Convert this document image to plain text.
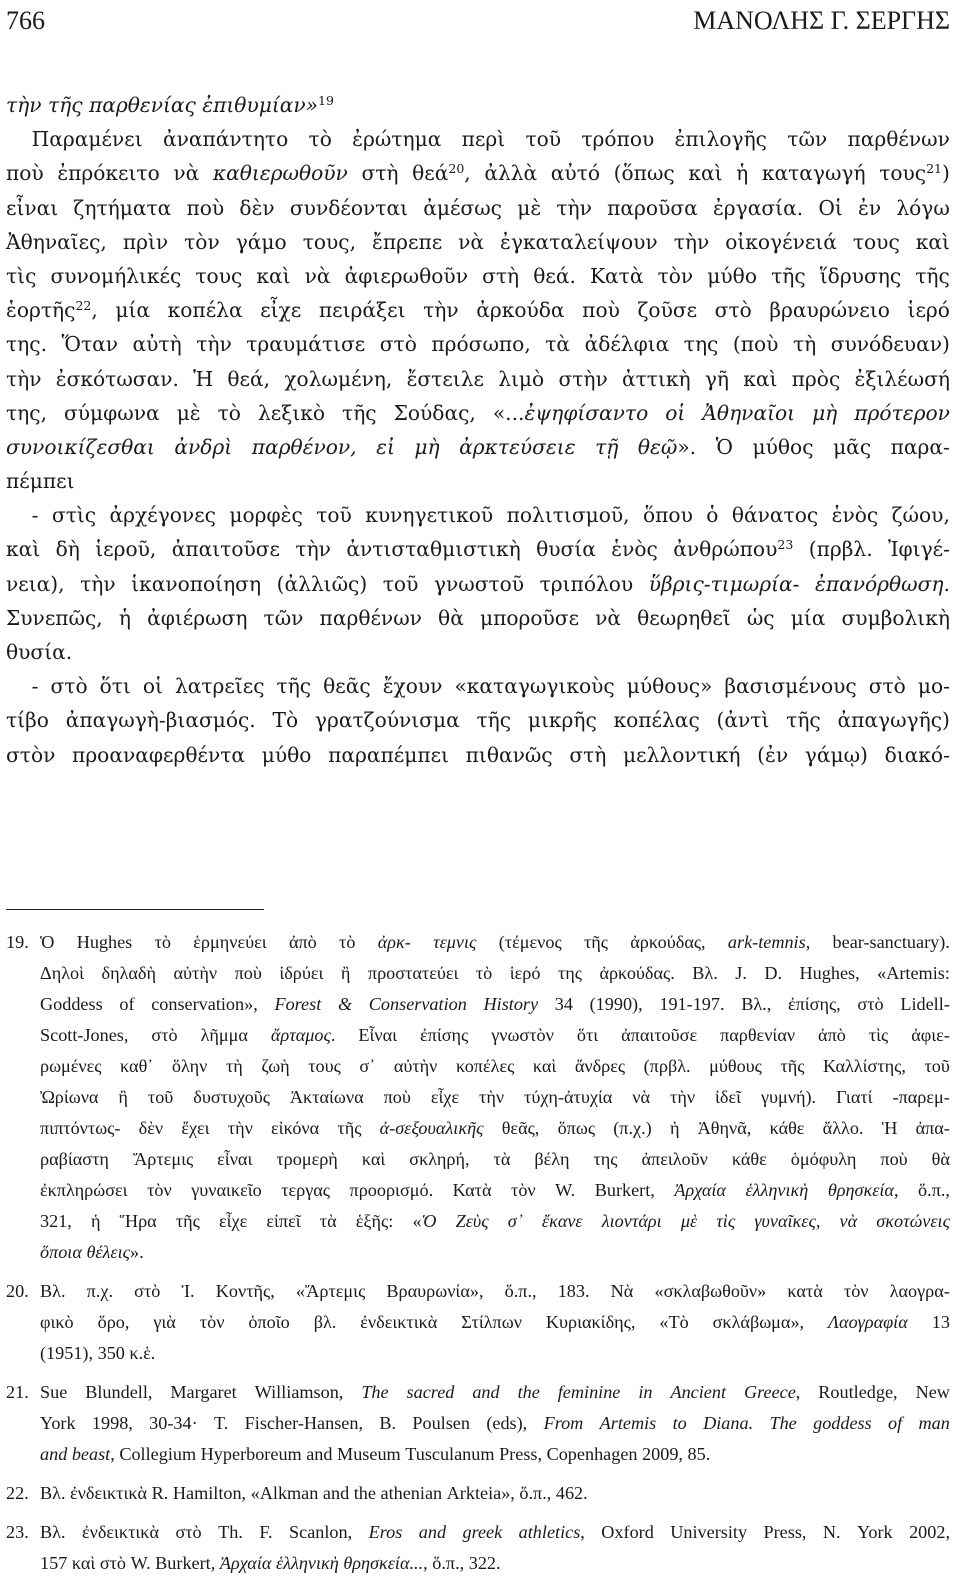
766	ΜΑΝΟΛΗΣ Γ. ΣΕΡΓΗΣ
τὴν τῆς παρθενίας ἐπιθυμίαν»$^{19}$
Παραμένει ἀναπάντητο τὸ ἐρώτημα περὶ τοῦ τρόπου ἐπιλογῆς τῶν παρθένων
ποὺ ἐπρόκειτο νὰ καθιερωθοῦν στὴ θεά$^{20}$, ἀλλὰ αὐτό (ὅπως καὶ ἡ καταγωγή τους$^{21}$)
εἶναι ζητήματα ποὺ δὲν συνδέονται ἀμέσως μὲ τὴν παροῦσα ἐργασία. Οἱ ἐν λόγω
Ἀθηναῖες, πρὶν τὸν γάμο τους, ἔπρεπε νὰ ἐγκαταλείψουν τὴν οἰκογένειά τους καὶ
τὶς συνομήλικές τους καὶ νὰ ἀφιερωθοῦν στὴ θεά. Κατὰ τὸν μύθο τῆς ἵδρυσης τῆς
ἑορτῆς$^{22}$, μία κοπέλα εἶχε πειράξει τὴν ἀρκούδα ποὺ ζοῦσε στὸ βραυρώνειο ἱερό
της. Ὅταν αὐτὴ τὴν τραυμάτισε στὸ πρόσωπο, τὰ ἀδέλφια της (ποὺ τὴ συνόδευαν)
τὴν ἐσκότωσαν. Ἡ θεά, χολωμένη, ἔστειλε λιμὸ στὴν ἀττικὴ γῆ καὶ πρὸς ἐξιλέωσή
της, σύμφωνα μὲ τὸ λεξικὸ τῆς Σούδας, «...ἐψηφίσαντο οἱ Ἀθηναῖοι μὴ πρότερον
συνοικίζεσθαι ἀνδρὶ παρθένον, εἰ μὴ ἀρκτεύσειε τῇ θεῷ». Ὁ μύθος μᾶς παρα-
πέμπει
- στὶς ἀρχέγονες μορφὲς τοῦ κυνηγετικοῦ πολιτισμοῦ, ὅπου ὁ θάνατος ἑνὸς ζώου,
καὶ δὴ ἱεροῦ, ἀπαιτοῦσε τὴν ἀντισταθμιστικὴ θυσία ἑνὸς ἀνθρώπου$^{23}$ (πρβλ. Ἰφιγέ-
νεια), τὴν ἱκανοποίηση (ἀλλιῶς) τοῦ γνωστοῦ τριπόλου ὕβρις-τιμωρία- ἐπανόρθωση.
Συνεπῶς, ἡ ἀφιέρωση τῶν παρθένων θὰ μποροῦσε νὰ θεωρηθεῖ ὡς μία συμβολικὴ
θυσία.
- στὸ ὅτι οἱ λατρεῖες τῆς θεᾶς ἔχουν «καταγωγικοὺς μύθους» βασισμένους στὸ μο-
τίβο ἀπαγωγὴ-βιασμός. Τὸ γρατζούνισμα τῆς μικρῆς κοπέλας (ἀντὶ τῆς ἀπαγωγῆς)
στὸν προαναφερθέντα μύθο παραπέμπει πιθανῶς στὴ μελλοντική (ἐν γάμῳ) διακό-
19. Ὁ Hughes τὸ ἑρμηνεύει ἀπὸ τὸ ἀρκ- τεμνις (τέμενος τῆς ἀρκούδας, ark-temnis, bear-sanctuary).
Δηλοὶ δηλαδὴ αὐτὴν ποὺ ἱδρύει ἢ προστατεύει τὸ ἱερό της ἀρκούδας. Βλ. J. D. Hughes, «Artemis:
Goddess of conservation», Forest & Conservation History 34 (1990), 191-197. Βλ., ἐπίσης, στὸ Lidell-
Scott-Jones, στὸ λῆμμα ἄρταμος. Εἶναι ἐπίσης γνωστὸν ὅτι ἀπαιτοῦσε παρθενίαν ἀπὸ τὶς ἀφιε-
ρωμένες καθ᾽ ὅλην τὴ ζωὴ τους σ᾽ αὐτὴν κοπέλες καὶ ἄνδρες (πρβλ. μύθους τῆς Καλλίστης, τοῦ
Ὠρίωνα ἢ τοῦ δυστυχοῦς Ἀκταίωνα ποὺ εἶχε τὴν τύχη-ἀτυχία νὰ τὴν ἰδεῖ γυμνή). Γιατί -παρεμ-
πιπτόντως- δὲν ἔχει τὴν εἰκόνα τῆς ἀ-σεξουαλικῆς θεᾶς, ὅπως (π.χ.) ἡ Ἀθηνᾶ, κάθε ἄλλο. Ἡ ἀπα-
ραβίαστη Ἄρτεμις εἶναι τρομερὴ καὶ σκληρή, τὰ βέλη της ἀπειλοῦν κάθε ὁμόφυλη ποὺ θὰ
ἐκπληρώσει τὸν γυναικεῖο τεργας προορισμό. Κατὰ τὸν W. Burkert, Ἀρχαία ἑλληνικὴ θρησκεία, ὅ.π.,
321, ἡ Ἥρα τῆς εἶχε εἰπεῖ τὰ ἑξῆς: «Ὁ Ζεὺς σ᾽ ἔκανε λιοντάρι μὲ τὶς γυναῖκες, νὰ σκοτώνεις
ὅποια θέλεις».
20. Βλ. π.χ. στὸ Ἰ. Κοντῆς, «Ἄρτεμις Βραυρωνία», ὅ.π., 183. Νὰ «σκλαβωθοῦν» κατὰ τὸν λαογρα-
φικὸ ὅρο, γιὰ τὸν ὁποῖο βλ. ἐνδεικτικὰ Στίλπων Κυριακίδης, «Τὸ σκλάβωμα», Λαογραφία 13
(1951), 350 κ.ἑ.
21. Sue Blundell, Margaret Williamson, The sacred and the feminine in Ancient Greece, Routledge, New
York 1998, 30-34· T. Fischer-Hansen, B. Poulsen (eds), From Artemis to Diana. The goddess of man
and beast, Collegium Hyperboreum and Museum Tusculanum Press, Copenhagen 2009, 85.
22. Βλ. ἐνδεικτικὰ R. Hamilton, «Alkman and the athenian Arkteia», ὅ.π., 462.
23. Βλ. ἐνδεικτικὰ στὸ Th. F. Scanlon, Eros and greek athletics, Oxford University Press, N. York 2002,
157 καὶ στὸ W. Burkert, Ἀρχαία ἑλληνικὴ θρησκεία..., ὅ.π., 322.
